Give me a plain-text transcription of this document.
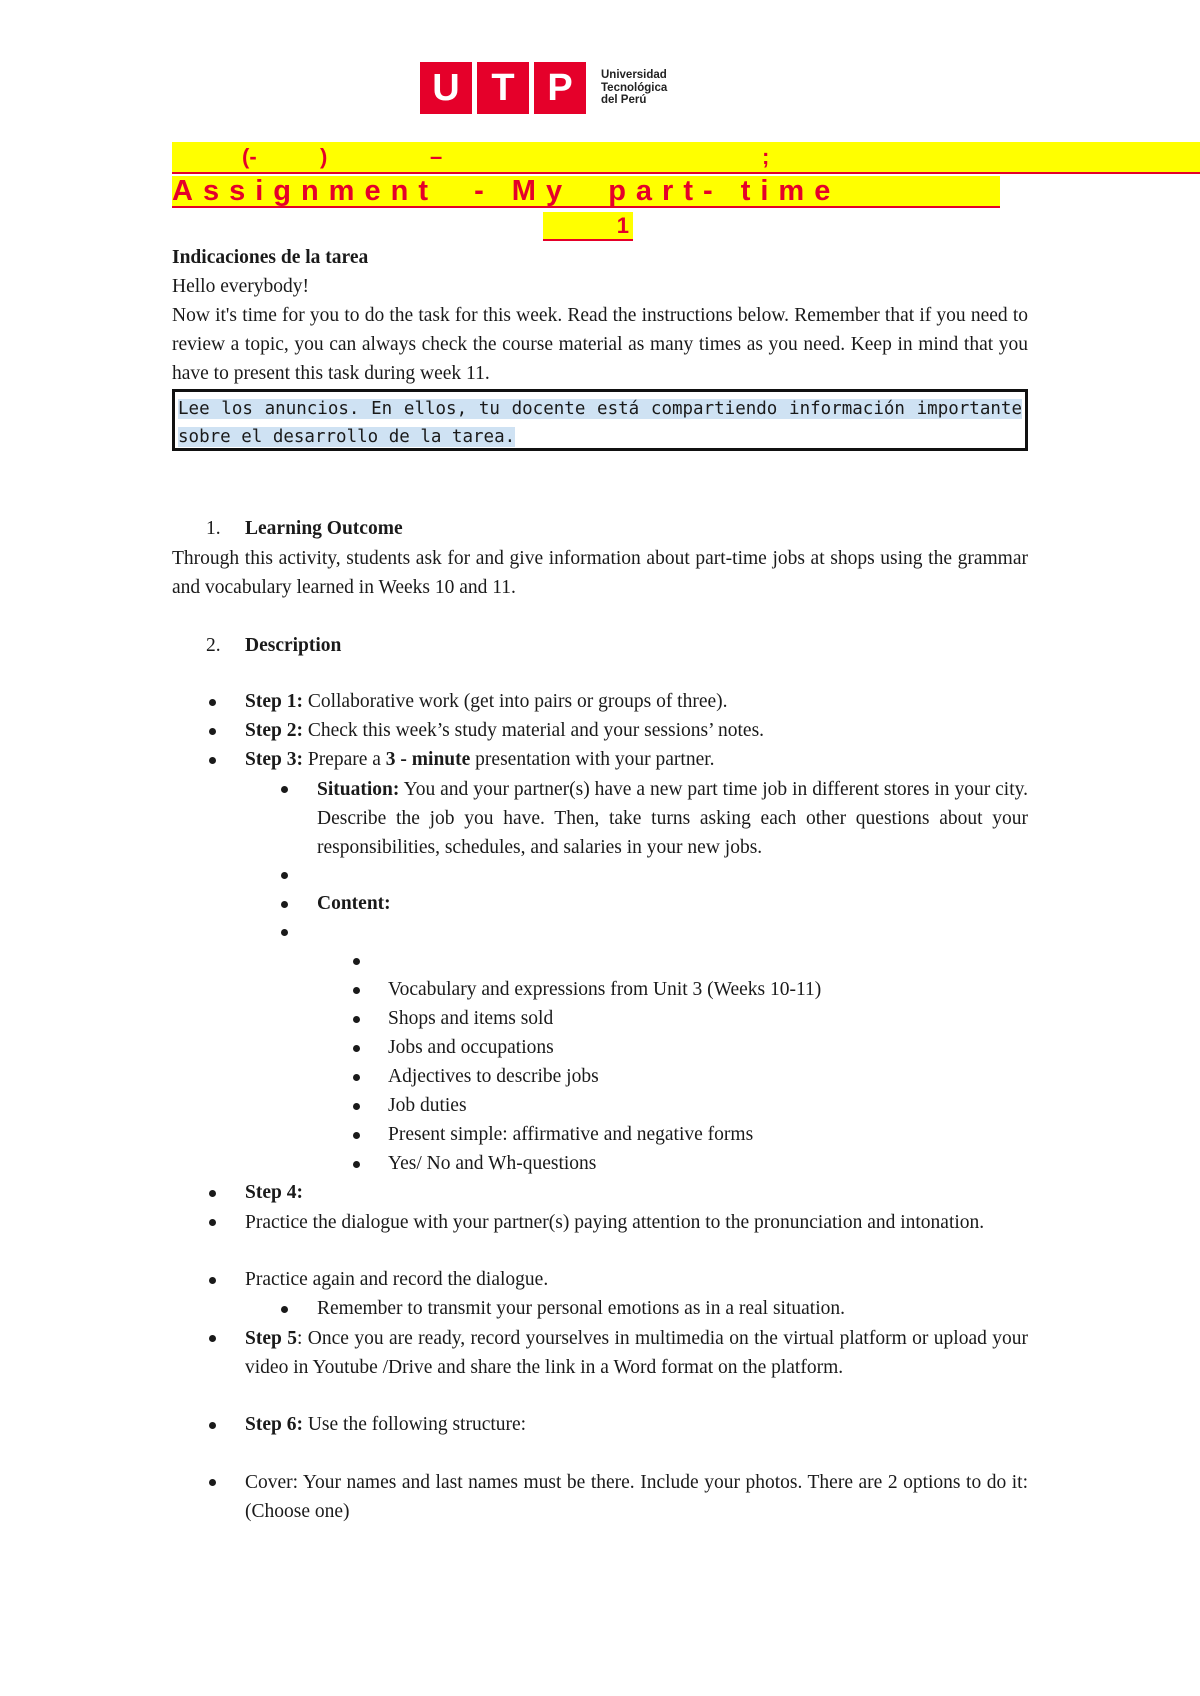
U T P	Universidad
Tecnológica
del Perú
(-	)	–	;
Assignment  - My  part- time
1
Indicaciones de la tarea
Hello everybody!
Now it's time for you to do the task for this week. Read the instructions below. Remember that if you need to review a topic, you can always check the course material as many times as you need. Keep in mind that you have to present this task during week 11.
Lee los anuncios. En ellos, tu docente está compartiendo información importante sobre el desarrollo de la tarea.
1. Learning Outcome
Through this activity, students ask for and give information about part-time jobs at shops using the grammar and vocabulary learned in Weeks 10 and 11.
2. Description
Step 1: Collaborative work (get into pairs or groups of three).
Step 2: Check this week’s study material and your sessions’ notes.
Step 3: Prepare a 3 - minute presentation with your partner.
Situation: You and your partner(s) have a new part time job in different stores in your city. Describe the job you have. Then, take turns asking each other questions about your responsibilities, schedules, and salaries in your new jobs.
Content:
Vocabulary and expressions from Unit 3 (Weeks 10-11)
Shops and items sold
Jobs and occupations
Adjectives to describe jobs
Job duties
Present simple: affirmative and negative forms
Yes/ No and Wh-questions
Step 4:
Practice the dialogue with your partner(s) paying attention to the pronunciation and intonation.
Practice again and record the dialogue.
Remember to transmit your personal emotions as in a real situation.
Step 5: Once you are ready, record yourselves in multimedia on the virtual platform or upload your video in Youtube /Drive and share the link in a Word format on the platform.
Step 6: Use the following structure:
Cover: Your names and last names must be there. Include your photos. There are 2 options to do it: (Choose one)
